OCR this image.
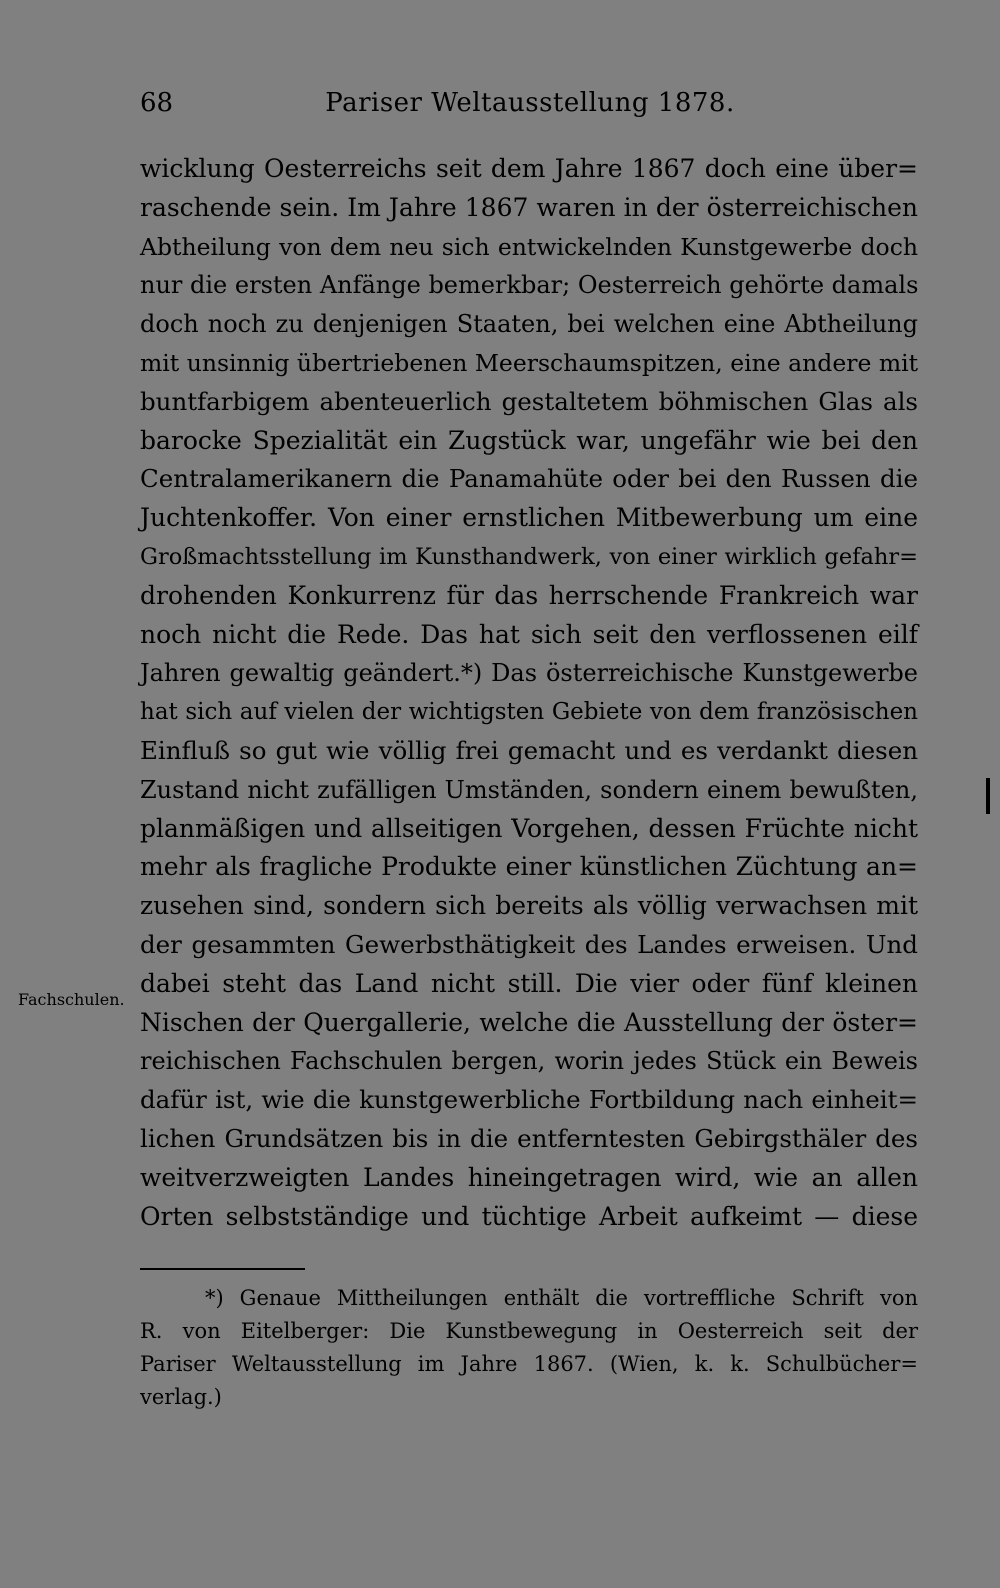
68	Pariser Weltausstellung 1878.
Fachschulen.
wicklung Oesterreichs seit dem Jahre 1867 doch eine über=
raschende sein. Im Jahre 1867 waren in der österreichischen
Abtheilung von dem neu sich entwickelnden Kunstgewerbe doch
nur die ersten Anfänge bemerkbar; Oesterreich gehörte damals
doch noch zu denjenigen Staaten, bei welchen eine Abtheilung
mit unsinnig übertriebenen Meerschaumspitzen, eine andere mit
buntfarbigem abenteuerlich gestaltetem böhmischen Glas als
barocke Spezialität ein Zugstück war, ungefähr wie bei den
Centralamerikanern die Panamahüte oder bei den Russen die
Juchtenkoffer. Von einer ernstlichen Mitbewerbung um eine
Großmachtsstellung im Kunsthandwerk, von einer wirklich gefahr=
drohenden Konkurrenz für das herrschende Frankreich war
noch nicht die Rede. Das hat sich seit den verflossenen eilf
Jahren gewaltig geändert.*) Das österreichische Kunstgewerbe
hat sich auf vielen der wichtigsten Gebiete von dem französischen
Einfluß so gut wie völlig frei gemacht und es verdankt diesen
Zustand nicht zufälligen Umständen, sondern einem bewußten,
planmäßigen und allseitigen Vorgehen, dessen Früchte nicht
mehr als fragliche Produkte einer künstlichen Züchtung an=
zusehen sind, sondern sich bereits als völlig verwachsen mit
der gesammten Gewerbsthätigkeit des Landes erweisen. Und
dabei steht das Land nicht still. Die vier oder fünf kleinen
Nischen der Quergallerie, welche die Ausstellung der öster=
reichischen Fachschulen bergen, worin jedes Stück ein Beweis
dafür ist, wie die kunstgewerbliche Fortbildung nach einheit=
lichen Grundsätzen bis in die entferntesten Gebirgsthäler des
weitverzweigten Landes hineingetragen wird, wie an allen
Orten selbstständige und tüchtige Arbeit aufkeimt — diese
*) Genaue Mittheilungen enthält die vortreffliche Schrift von
R. von Eitelberger: Die Kunstbewegung in Oesterreich seit der
Pariser Weltausstellung im Jahre 1867. (Wien, k. k. Schulbücher=
verlag.)
